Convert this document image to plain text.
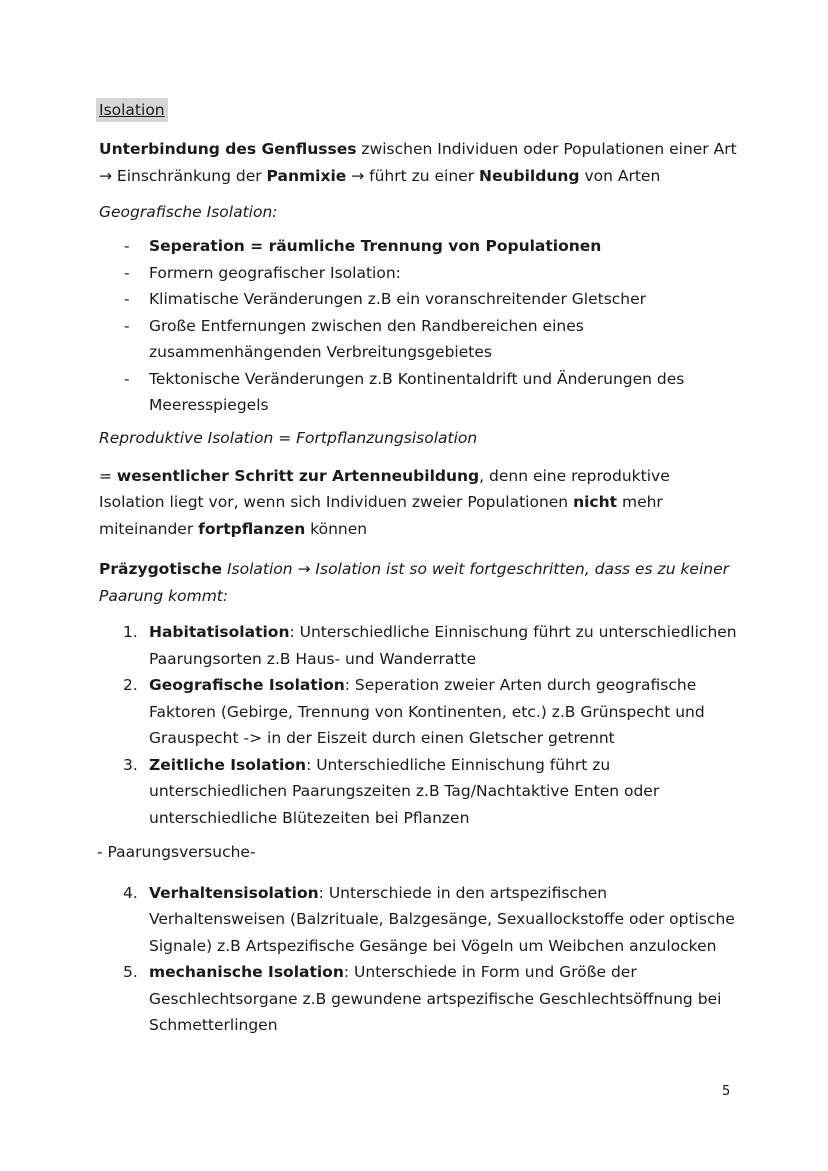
Isolation

Unterbindung des Genflusses zwischen Individuen oder Populationen einer Art → Einschränkung der Panmixie → führt zu einer Neubildung von Arten

Geografische Isolation:

- Seperation = räumliche Trennung von Populationen
- Formern geografischer Isolation:
- Klimatische Veränderungen z.B ein voranschreitender Gletscher
- Große Entfernungen zwischen den Randbereichen eines zusammenhängenden Verbreitungsgebietes
- Tektonische Veränderungen z.B Kontinentaldrift und Änderungen des Meeresspiegels

Reproduktive Isolation = Fortpflanzungsisolation

= wesentlicher Schritt zur Artenneubildung, denn eine reproduktive Isolation liegt vor, wenn sich Individuen zweier Populationen nicht mehr miteinander fortpflanzen können

Präzygotische Isolation → Isolation ist so weit fortgeschritten, dass es zu keiner Paarung kommt:

1. Habitatisolation: Unterschiedliche Einnischung führt zu unterschiedlichen Paarungsorten z.B Haus- und Wanderratte
2. Geografische Isolation: Seperation zweier Arten durch geografische Faktoren (Gebirge, Trennung von Kontinenten, etc.) z.B Grünspecht und Grauspecht -> in der Eiszeit durch einen Gletscher getrennt
3. Zeitliche Isolation: Unterschiedliche Einnischung führt zu unterschiedlichen Paarungszeiten z.B Tag/Nachtaktive Enten oder unterschiedliche Blütezeiten bei Pflanzen

- Paarungsversuche-

4. Verhaltensisolation: Unterschiede in den artspezifischen Verhaltensweisen (Balzrituale, Balzgesänge, Sexuallockstoffe oder optische Signale) z.B Artspezifische Gesänge bei Vögeln um Weibchen anzulocken
5. mechanische Isolation: Unterschiede in Form und Größe der Geschlechtsorgane z.B gewundene artspezifische Geschlechtsöffnung bei Schmetterlingen
5
